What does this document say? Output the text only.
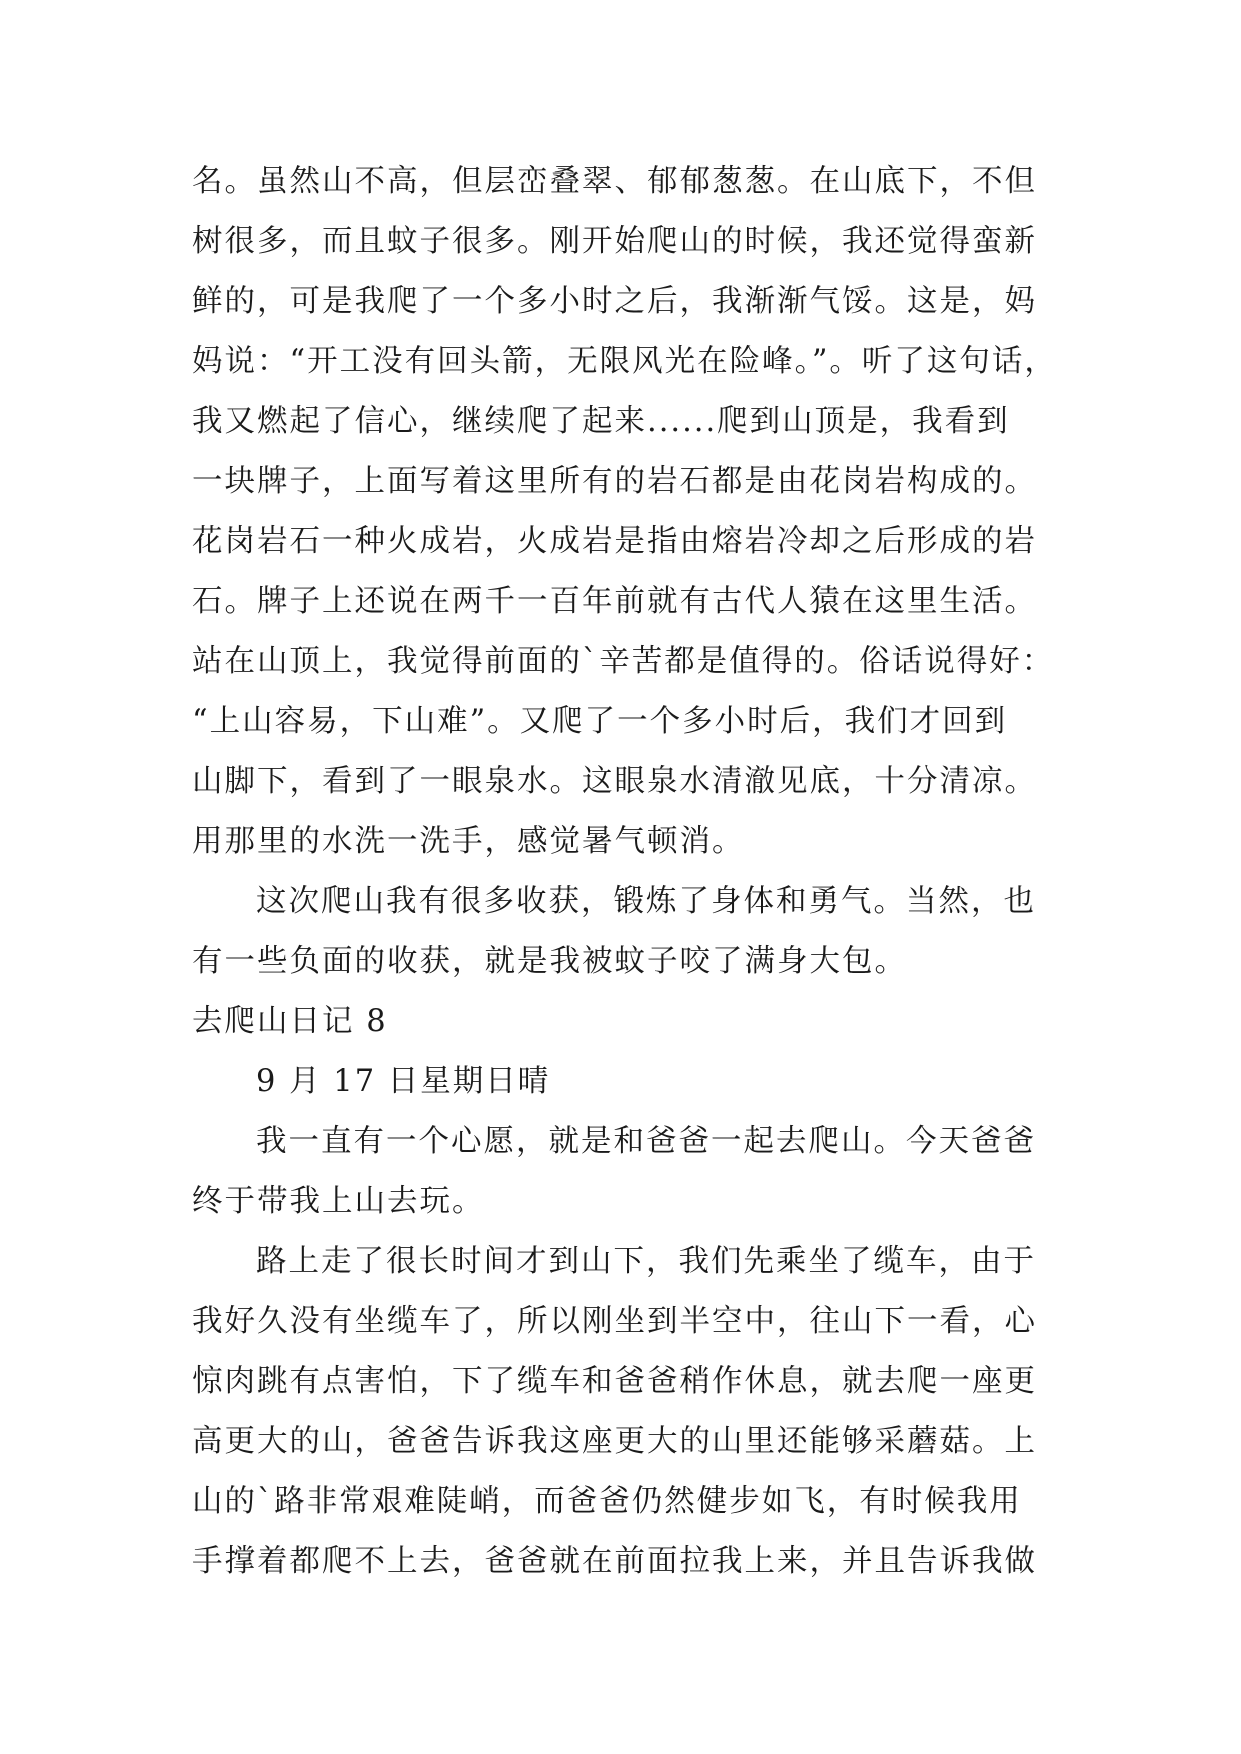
名。虽然山不高，但层峦叠翠、郁郁葱葱。在山底下，不但
树很多，而且蚊子很多。刚开始爬山的时候，我还觉得蛮新
鲜的，可是我爬了一个多小时之后，我渐渐气馁。这是，妈
妈说：“开工没有回头箭，无限风光在险峰。”。听了这句话，
我又燃起了信心，继续爬了起来......爬到山顶是，我看到
一块牌子，上面写着这里所有的岩石都是由花岗岩构成的。
花岗岩石一种火成岩，火成岩是指由熔岩冷却之后形成的岩
石。牌子上还说在两千一百年前就有古代人猿在这里生活。
站在山顶上，我觉得前面的`辛苦都是值得的。俗话说得好：
“上山容易，下山难”。又爬了一个多小时后，我们才回到
山脚下，看到了一眼泉水。这眼泉水清澈见底，十分清凉。
用那里的水洗一洗手，感觉暑气顿消。
这次爬山我有很多收获，锻炼了身体和勇气。当然，也
有一些负面的收获，就是我被蚊子咬了满身大包。
去爬山日记 8
9 月 17 日星期日晴
我一直有一个心愿，就是和爸爸一起去爬山。今天爸爸
终于带我上山去玩。
路上走了很长时间才到山下，我们先乘坐了缆车，由于
我好久没有坐缆车了，所以刚坐到半空中，往山下一看，心
惊肉跳有点害怕，下了缆车和爸爸稍作休息，就去爬一座更
高更大的山，爸爸告诉我这座更大的山里还能够采蘑菇。上
山的`路非常艰难陡峭，而爸爸仍然健步如飞，有时候我用
手撑着都爬不上去，爸爸就在前面拉我上来，并且告诉我做
